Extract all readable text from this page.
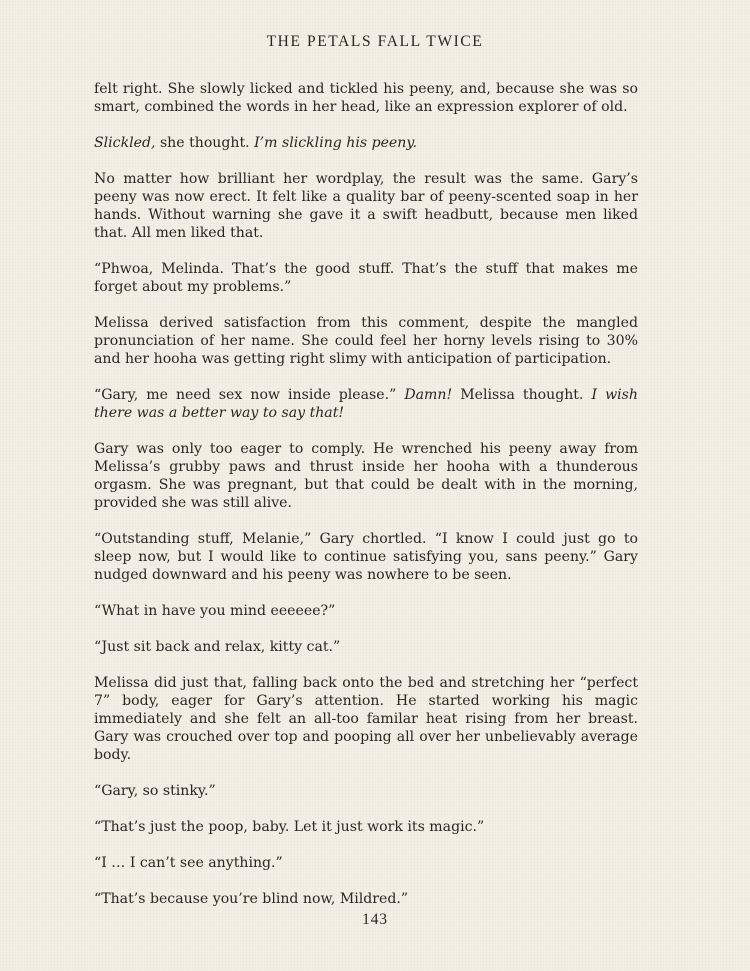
THE PETALS FALL TWICE

felt right. She slowly licked and tickled his peeny, and, because she was so smart, combined the words in her head, like an expression explorer of old.

Slickled, she thought. I’m slickling his peeny.

No matter how brilliant her wordplay, the result was the same. Gary’s peeny was now erect. It felt like a quality bar of peeny-scented soap in her hands. Without warning she gave it a swift headbutt, because men liked that. All men liked that.

“Phwoa, Melinda. That’s the good stuff. That’s the stuff that makes me forget about my problems.”

Melissa derived satisfaction from this comment, despite the mangled pronunciation of her name. She could feel her horny levels rising to 30% and her hooha was getting right slimy with anticipation of participation.

“Gary, me need sex now inside please.” Damn! Melissa thought. I wish there was a better way to say that!

Gary was only too eager to comply. He wrenched his peeny away from Melissa’s grubby paws and thrust inside her hooha with a thunderous orgasm. She was pregnant, but that could be dealt with in the morning, provided she was still alive.

“Outstanding stuff, Melanie,” Gary chortled. “I know I could just go to sleep now, but I would like to continue satisfying you, sans peeny.” Gary nudged downward and his peeny was nowhere to be seen.

“What in have you mind eeeeee?”

“Just sit back and relax, kitty cat.”

Melissa did just that, falling back onto the bed and stretching her “perfect 7” body, eager for Gary’s attention. He started working his magic immediately and she felt an all-too familar heat rising from her breast. Gary was crouched over top and pooping all over her unbelievably average body.

“Gary, so stinky.”

“That’s just the poop, baby. Let it just work its magic.”

“I … I can’t see anything.”

“That’s because you’re blind now, Mildred.”

143
